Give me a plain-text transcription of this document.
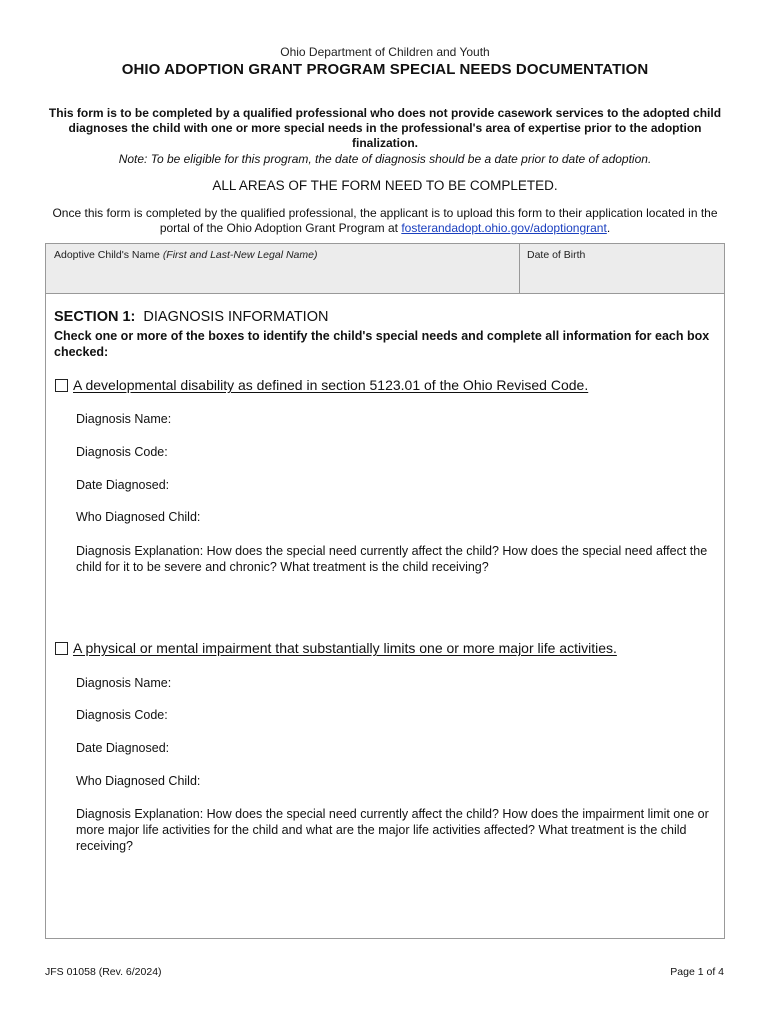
Ohio Department of Children and Youth
OHIO ADOPTION GRANT PROGRAM SPECIAL NEEDS DOCUMENTATION
This form is to be completed by a qualified professional who does not provide casework services to the adopted child diagnoses the child with one or more special needs in the professional's area of expertise prior to the adoption finalization.
Note: To be eligible for this program, the date of diagnosis should be a date prior to date of adoption.
ALL AREAS OF THE FORM NEED TO BE COMPLETED.
Once this form is completed by the qualified professional, the applicant is to upload this form to their application located in the portal of the Ohio Adoption Grant Program at fosterandadopt.ohio.gov/adoptiongrant.
Adoptive Child's Name (First and Last-New Legal Name)	Date of Birth
SECTION 1:  DIAGNOSIS INFORMATION
Check one or more of the boxes to identify the child's special needs and complete all information for each box checked:
A developmental disability as defined in section 5123.01 of the Ohio Revised Code.
Diagnosis Name:
Diagnosis Code:
Date Diagnosed:
Who Diagnosed Child:
Diagnosis Explanation: How does the special need currently affect the child? How does the special need affect the child for it to be severe and chronic? What treatment is the child receiving?
A physical or mental impairment that substantially limits one or more major life activities.
Diagnosis Name:
Diagnosis Code:
Date Diagnosed:
Who Diagnosed Child:
Diagnosis Explanation: How does the special need currently affect the child? How does the impairment limit one or more major life activities for the child and what are the major life activities affected? What treatment is the child receiving?
JFS 01058 (Rev. 6/2024)	Page 1 of 4
